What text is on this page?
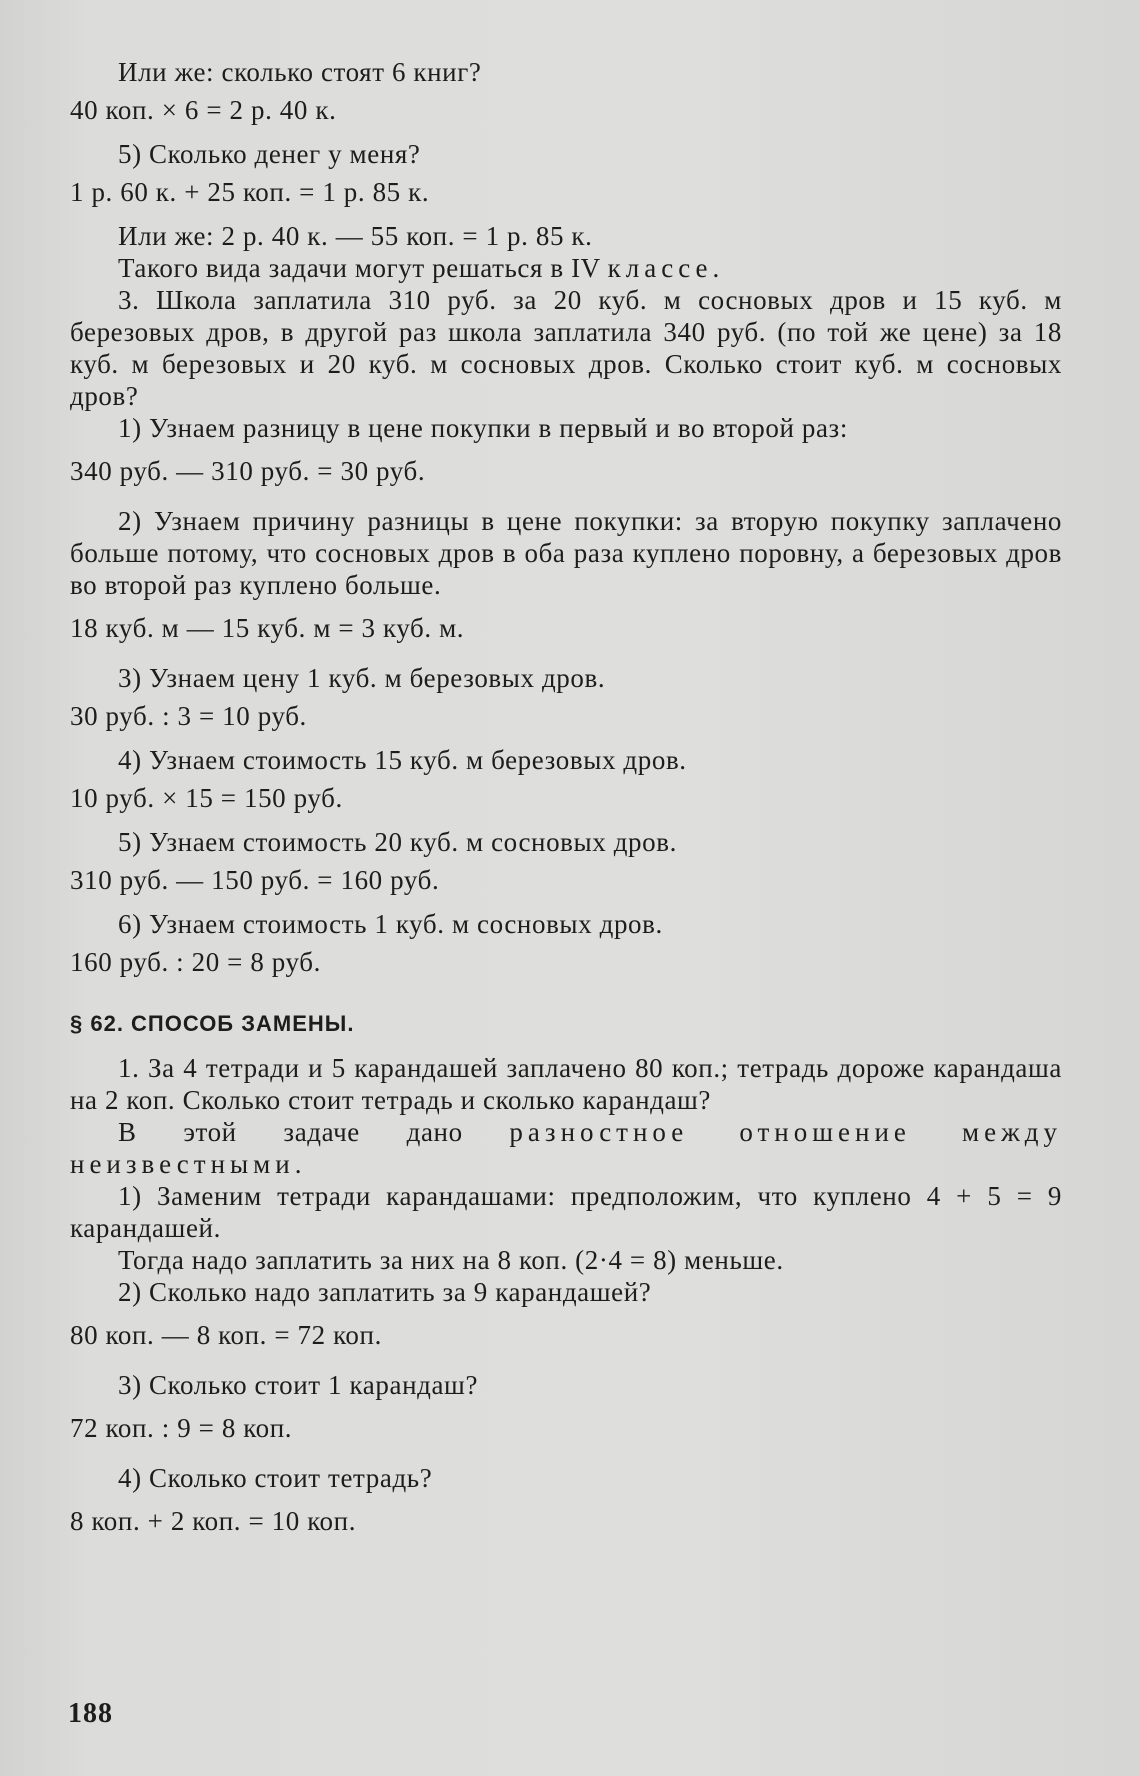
Или же: сколько стоят 6 книг?

40 коп. × 6 = 2 р. 40 к.

5) Сколько денег у меня?

1 р. 60 к. + 25 коп. = 1 р. 85 к.

Или же: 2 р. 40 к. — 55 коп. = 1 р. 85 к.

Такого вида задачи могут решаться в IV классе.

3. Школа заплатила 310 руб. за 20 куб. м сосновых дров и 15 куб. м березовых дров, в другой раз школа заплатила 340 руб. (по той же цене) за 18 куб. м березовых и 20 куб. м сосновых дров. Сколько стоит куб. м сосновых дров?

1) Узнаем разницу в цене покупки в первый и во второй раз:

340 руб. — 310 руб. = 30 руб.

2) Узнаем причину разницы в цене покупки: за вторую покупку заплачено больше потому, что сосновых дров в оба раза куплено поровну, а березовых дров во второй раз куплено больше.

18 куб. м — 15 куб. м = 3 куб. м.

3) Узнаем цену 1 куб. м березовых дров.

30 руб. : 3 = 10 руб.

4) Узнаем стоимость 15 куб. м березовых дров.

10 руб. × 15 = 150 руб.

5) Узнаем стоимость 20 куб. м сосновых дров.

310 руб. — 150 руб. = 160 руб.

6) Узнаем стоимость 1 куб. м сосновых дров.

160 руб. : 20 = 8 руб.

§ 62. СПОСОБ ЗАМЕНЫ.

1. За 4 тетради и 5 карандашей заплачено 80 коп.; тетрадь дороже карандаша на 2 коп. Сколько стоит тетрадь и сколько карандаш?

В этой задаче дано разностное отношение между неизвестными.

1) Заменим тетради карандашами: предположим, что куплено 4 + 5 = 9 карандашей.

Тогда надо заплатить за них на 8 коп. (2·4 = 8) меньше.

2) Сколько надо заплатить за 9 карандашей?

80 коп. — 8 коп. = 72 коп.

3) Сколько стоит 1 карандаш?

72 коп. : 9 = 8 коп.

4) Сколько стоит тетрадь?

8 коп. + 2 коп. = 10 коп.

188
